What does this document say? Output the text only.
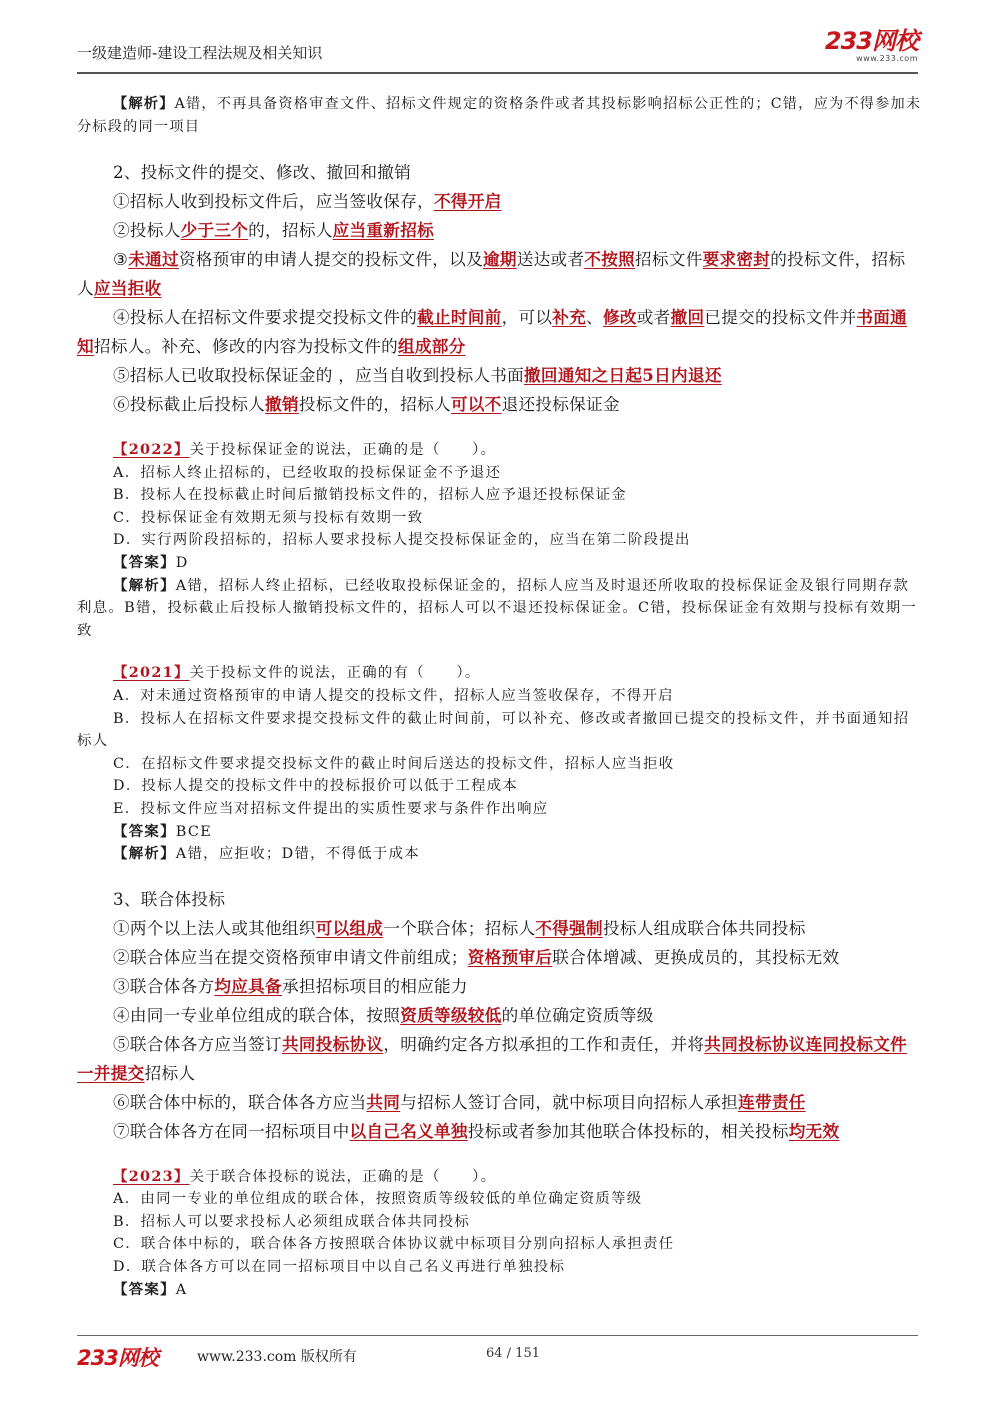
一级建造师-建设工程法规及相关知识	233网校
www.233.com

【解析】A错，不再具备资格审查文件、招标文件规定的资格条件或者其投标影响招标公正性的；C错，应为不得参加未分标段的同一项目

2、投标文件的提交、修改、撤回和撤销

①招标人收到投标文件后，应当签收保存，不得开启

②投标人少于三个的，招标人应当重新招标

③未通过资格预审的申请人提交的投标文件，以及逾期送达或者不按照招标文件要求密封的投标文件，招标人应当拒收

④投标人在招标文件要求提交投标文件的截止时间前，可以补充、修改或者撤回已提交的投标文件并书面通知招标人。补充、修改的内容为投标文件的组成部分

⑤招标人已收取投标保证金的 ，应当自收到投标人书面撤回通知之日起5日内退还

⑥投标截止后投标人撤销投标文件的，招标人可以不退还投标保证金

【2022】关于投标保证金的说法，正确的是（　　）。

A．招标人终止招标的，已经收取的投标保证金不予退还

B．投标人在投标截止时间后撤销投标文件的，招标人应予退还投标保证金

C．投标保证金有效期无须与投标有效期一致

D．实行两阶段招标的，招标人要求投标人提交投标保证金的，应当在第二阶段提出

【答案】D

【解析】A错，招标人终止招标，已经收取投标保证金的，招标人应当及时退还所收取的投标保证金及银行同期存款利息。B错，投标截止后投标人撤销投标文件的，招标人可以不退还投标保证金。C错，投标保证金有效期与投标有效期一致

【2021】关于投标文件的说法，正确的有（　　）。

A．对未通过资格预审的申请人提交的投标文件，招标人应当签收保存，不得开启

B．投标人在招标文件要求提交投标文件的截止时间前，可以补充、修改或者撤回已提交的投标文件，并书面通知招标人

C．在招标文件要求提交投标文件的截止时间后送达的投标文件，招标人应当拒收

D．投标人提交的投标文件中的投标报价可以低于工程成本

E．投标文件应当对招标文件提出的实质性要求与条件作出响应

【答案】BCE

【解析】A错，应拒收；D错，不得低于成本

3、联合体投标

①两个以上法人或其他组织可以组成一个联合体；招标人不得强制投标人组成联合体共同投标

②联合体应当在提交资格预审申请文件前组成；资格预审后联合体增减、更换成员的，其投标无效

③联合体各方均应具备承担招标项目的相应能力

④由同一专业单位组成的联合体，按照资质等级较低的单位确定资质等级

⑤联合体各方应当签订共同投标协议，明确约定各方拟承担的工作和责任，并将共同投标协议连同投标文件一并提交招标人

⑥联合体中标的，联合体各方应当共同与招标人签订合同，就中标项目向招标人承担连带责任

⑦联合体各方在同一招标项目中以自己名义单独投标或者参加其他联合体投标的，相关投标均无效

【2023】关于联合体投标的说法，正确的是（　　）。

A．由同一专业的单位组成的联合体，按照资质等级较低的单位确定资质等级

B．招标人可以要求投标人必须组成联合体共同投标

C．联合体中标的，联合体各方按照联合体协议就中标项目分别向招标人承担责任

D．联合体各方可以在同一招标项目中以自己名义再进行单独投标

【答案】A

233网校	www.233.com 版权所有	64 / 151
